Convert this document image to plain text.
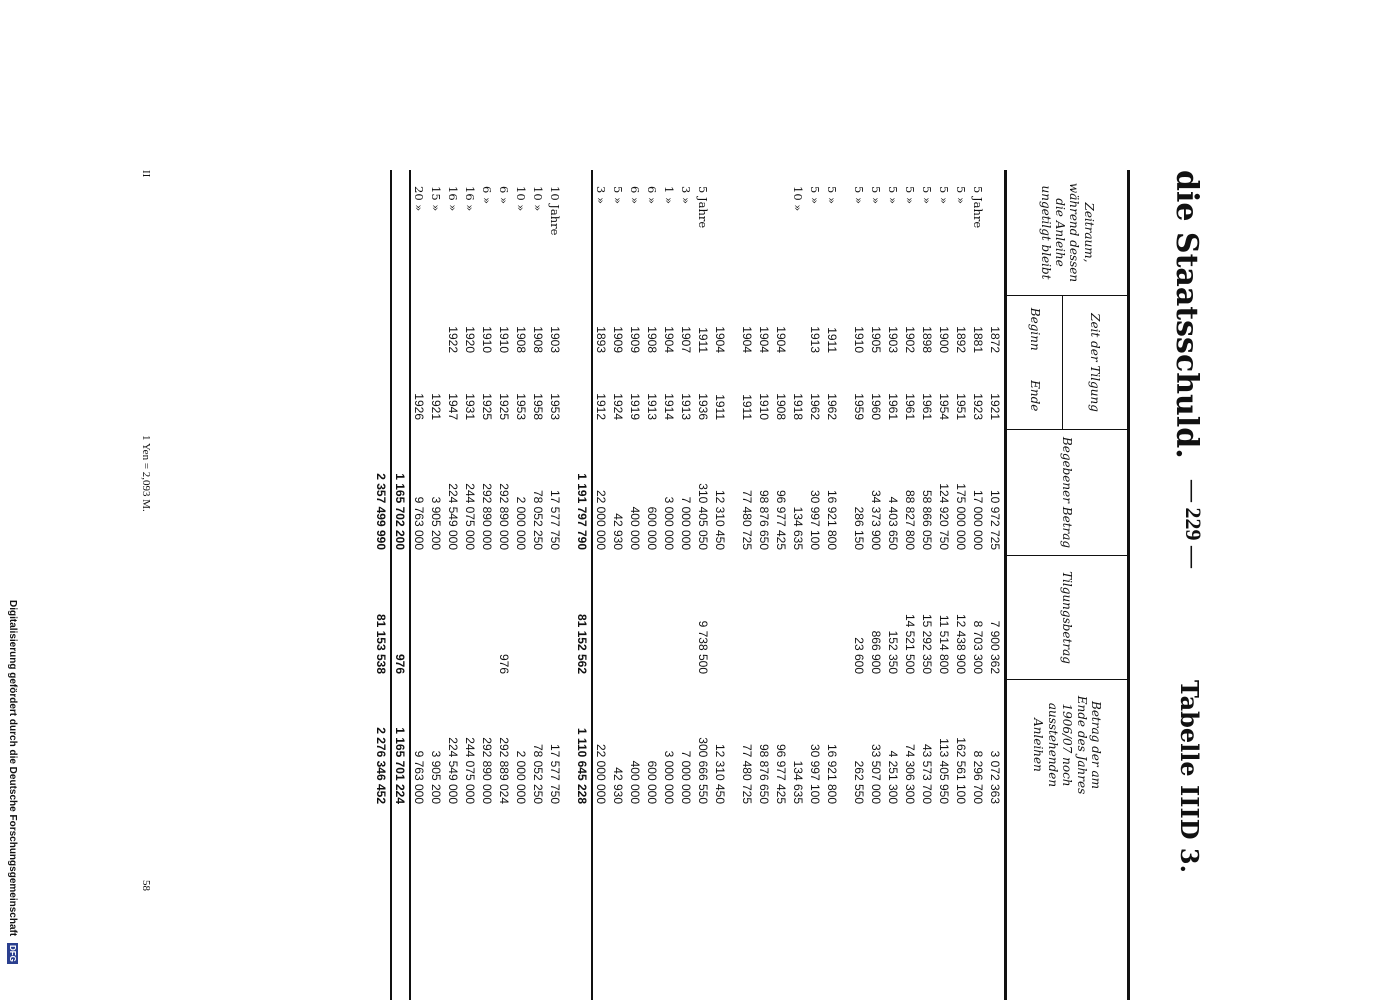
die Staatsschuld.
— 229 —
Tabelle IIID 3.
Zeitraum, während dessen die Anleihe ungetilgt bleibt
Zeit der Tilgung
Beginn
Ende
Begebener Betrag
Tilgungsbetrag
Betrag der am Ende des Jahres 1906/07 noch ausstehenden Anleihen
1872
1921
10 972 725
7 900 362
3 072 363
5 Jahre
1881
1923
17 000 000
8 703 300
8 296 700
5 »
1892
1951
175 000 000
12 438 900
162 561 100
5 »
1900
1954
124 920 750
11 514 800
113 405 950
5 »
1898
1961
58 866 050
15 292 350
43 573 700
5 »
1902
1961
88 827 800
14 521 500
74 306 300
5 »
1903
1961
4 403 650
152 350
4 251 300
5 »
1905
1960
34 373 900
866 900
33 507 000
5 »
1910
1959
286 150
23 600
262 550
5 »
1911
1962
16 921 800
16 921 800
5 »
1913
1962
30 997 100
30 997 100
10 »
1918
134 635
134 635
1904
1908
96 977 425
96 977 425
1904
1910
98 876 650
98 876 650
1904
1911
77 480 725
77 480 725
1904
1911
12 310 450
12 310 450
5 Jahre
1911
1936
310 405 050
9 738 500
300 666 550
3 »
1907
1913
7 000 000
7 000 000
1 »
1904
1914
3 000 000
3 000 000
6 »
1908
1913
600 000
600 000
6 »
1909
1919
400 000
400 000
5 »
1909
1924
42 930
42 930
3 »
1893
1912
22 000 000
22 000 000
1 191 797 790
81 152 562
1 110 645 228
10 Jahre
1903
1953
17 577 750
17 577 750
10 »
1908
1958
78 052 250
78 052 250
10 »
1908
1953
2 000 000
2 000 000
6 »
1910
1925
292 890 000
976
292 889 024
6 »
1910
1925
292 890 000
292 890 000
16 »
1920
1931
244 075 000
244 075 000
16 »
1922
1947
224 549 000
224 549 000
15 »
1921
3 905 200
3 905 200
20 »
1926
9 763 000
9 763 000
1 165 702 200
976
1 165 701 224
2 357 499 990
81 153 538
2 276 346 452
II
1 Yen = 2,093 M.
58
Digitalisierung gefördert durch die Deutsche Forschungsgemeinschaft DFG
